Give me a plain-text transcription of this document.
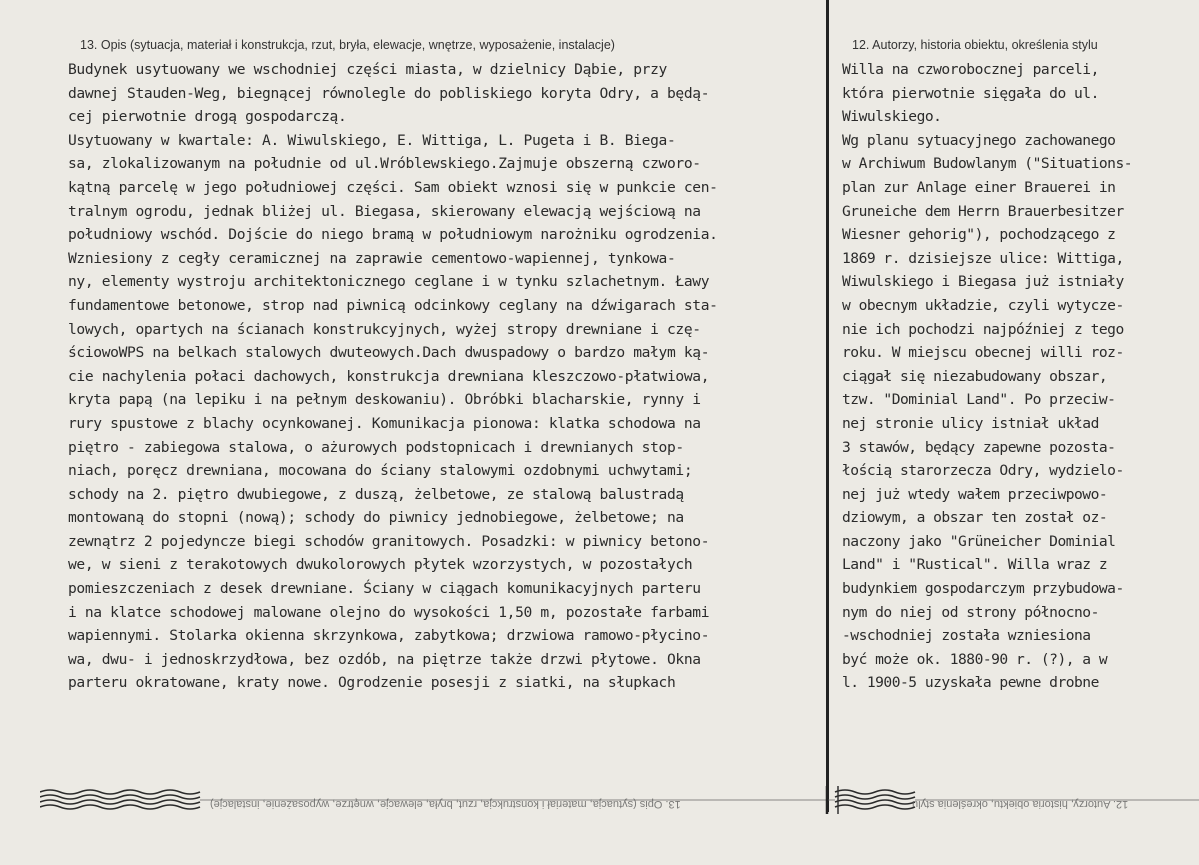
13. Opis (sytuacja, materiał i konstrukcja, rzut, bryła, elewacje, wnętrze, wyposażenie, instalacje)
Budynek usytuowany we wschodniej części miasta, w dzielnicy Dąbie, przy
dawnej Stauden-Weg, biegnącej równolegle do pobliskiego koryta Odry, a będą-
cej pierwotnie drogą gospodarczą.
Usytuowany w kwartale: A. Wiwulskiego, E. Wittiga, L. Pugeta i B. Biega-
sa, zlokalizowanym na południe od ul.Wróblewskiego.Zajmuje obszerną czworo-
kątną parcelę w jego południowej części. Sam obiekt wznosi się w punkcie cen-
tralnym ogrodu, jednak bliżej ul. Biegasa, skierowany elewacją wejściową na
południowy wschód. Dojście do niego bramą w południowym narożniku ogrodzenia.
Wzniesiony z cegły ceramicznej na zaprawie cementowo-wapiennej, tynkowa-
ny, elementy wystroju architektonicznego ceglane i w tynku szlachetnym. Ławy
fundamentowe betonowe, strop nad piwnicą odcinkowy ceglany na dźwigarach sta-
lowych, opartych na ścianach konstrukcyjnych, wyżej stropy drewniane i czę-
ściowoWPS na belkach stalowych dwuteowych.Dach dwuspadowy o bardzo małym ką-
cie nachylenia połaci dachowych, konstrukcja drewniana kleszczowo-płatwiowa,
kryta papą (na lepiku i na pełnym deskowaniu). Obróbki blacharskie, rynny i
rury spustowe z blachy ocynkowanej. Komunikacja pionowa: klatka schodowa na
piętro - zabiegowa stalowa, o ażurowych podstopnicach i drewnianych stop-
niach, poręcz drewniana, mocowana do ściany stalowymi ozdobnymi uchwytami;
schody na 2. piętro dwubiegowe, z duszą, żelbetowe, ze stalową balustradą
montowaną do stopni (nową); schody do piwnicy jednobiegowe, żelbetowe; na
zewnątrz 2 pojedyncze biegi schodów granitowych. Posadzki: w piwnicy betono-
we, w sieni z terakotowych dwukolorowych płytek wzorzystych, w pozostałych
pomieszczeniach z desek drewniane. Ściany w ciągach komunikacyjnych parteru
i na klatce schodowej malowane olejno do wysokości 1,50 m, pozostałe farbami
wapiennymi. Stolarka okienna skrzynkowa, zabytkowa; drzwiowa ramowo-płycino-
wa, dwu- i jednoskrzydłowa, bez ozdób, na piętrze także drzwi płytowe. Okna
parteru okratowane, kraty nowe. Ogrodzenie posesji z siatki, na słupkach
12. Autorzy, historia obiektu, określenia stylu
Willa na czworobocznej parceli,
która pierwotnie sięgała do ul.
Wiwulskiego.
Wg planu sytuacyjnego zachowanego
w Archiwum Budowlanym ("Situations-
plan zur Anlage einer Brauerei in
Gruneiche dem Herrn Brauerbesitzer
Wiesner gehorig"), pochodzącego z
1869 r. dzisiejsze ulice: Wittiga,
Wiwulskiego i Biegasa już istniały
w obecnym układzie, czyli wytycze-
nie ich pochodzi najpóźniej z tego
roku. W miejscu obecnej willi roz-
ciągał się niezabudowany obszar,
tzw. "Dominial Land". Po przeciw-
nej stronie ulicy istniał układ
3 stawów, będący zapewne pozosta-
łością starorzecza Odry, wydzielo-
nej już wtedy wałem przeciwpowo-
dziowym, a obszar ten został oz-
naczony jako "Grüneicher Dominial
Land" i "Rustical". Willa wraz z
budynkiem gospodarczym przybudowa-
nym do niej od strony północno-
-wschodniej została wzniesiona
być może ok. 1880-90 r. (?), a w
l. 1900-5 uzyskała pewne drobne
13. Opis (sytuacja, materiał i konstrukcja, rzut, bryła, elewacje, wnętrze, wyposażenie, instalacje)	12. Autorzy, historia obiektu, określenia stylu
